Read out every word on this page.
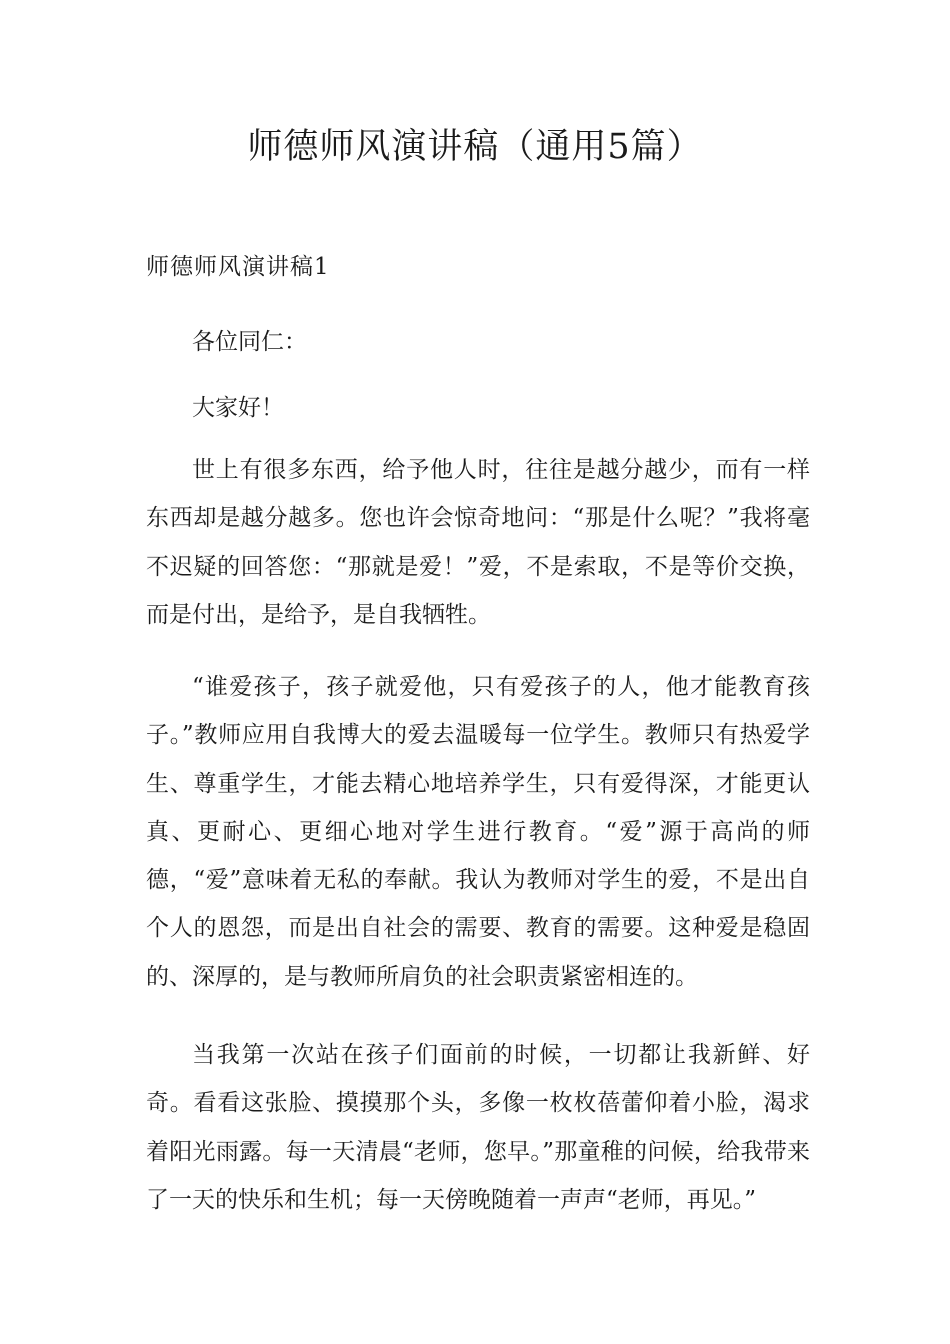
师德师风演讲稿（通用5篇）
师德师风演讲稿1

各位同仁：

大家好！

世上有很多东西，给予他人时，往往是越分越少，而有一样东西却是越分越多。您也许会惊奇地问：“那是什么呢？”我将毫不迟疑的回答您：“那就是爱！”爱，不是索取，不是等价交换，而是付出，是给予，是自我牺牲。

“谁爱孩子，孩子就爱他，只有爱孩子的人，他才能教育孩子。”教师应用自我博大的爱去温暖每一位学生。教师只有热爱学生、尊重学生，才能去精心地培养学生，只有爱得深，才能更认真、更耐心、更细心地对学生进行教育。“爱”源于高尚的师德，“爱”意味着无私的奉献。我认为教师对学生的爱，不是出自个人的恩怨，而是出自社会的需要、教育的需要。这种爱是稳固的、深厚的，是与教师所肩负的社会职责紧密相连的。

当我第一次站在孩子们面前的时候，一切都让我新鲜、好奇。看看这张脸、摸摸那个头，多像一枚枚蓓蕾仰着小脸，渴求着阳光雨露。每一天清晨“老师，您早。”那童稚的问候，给我带来了一天的快乐和生机；每一天傍晚随着一声声“老师，再见。”
